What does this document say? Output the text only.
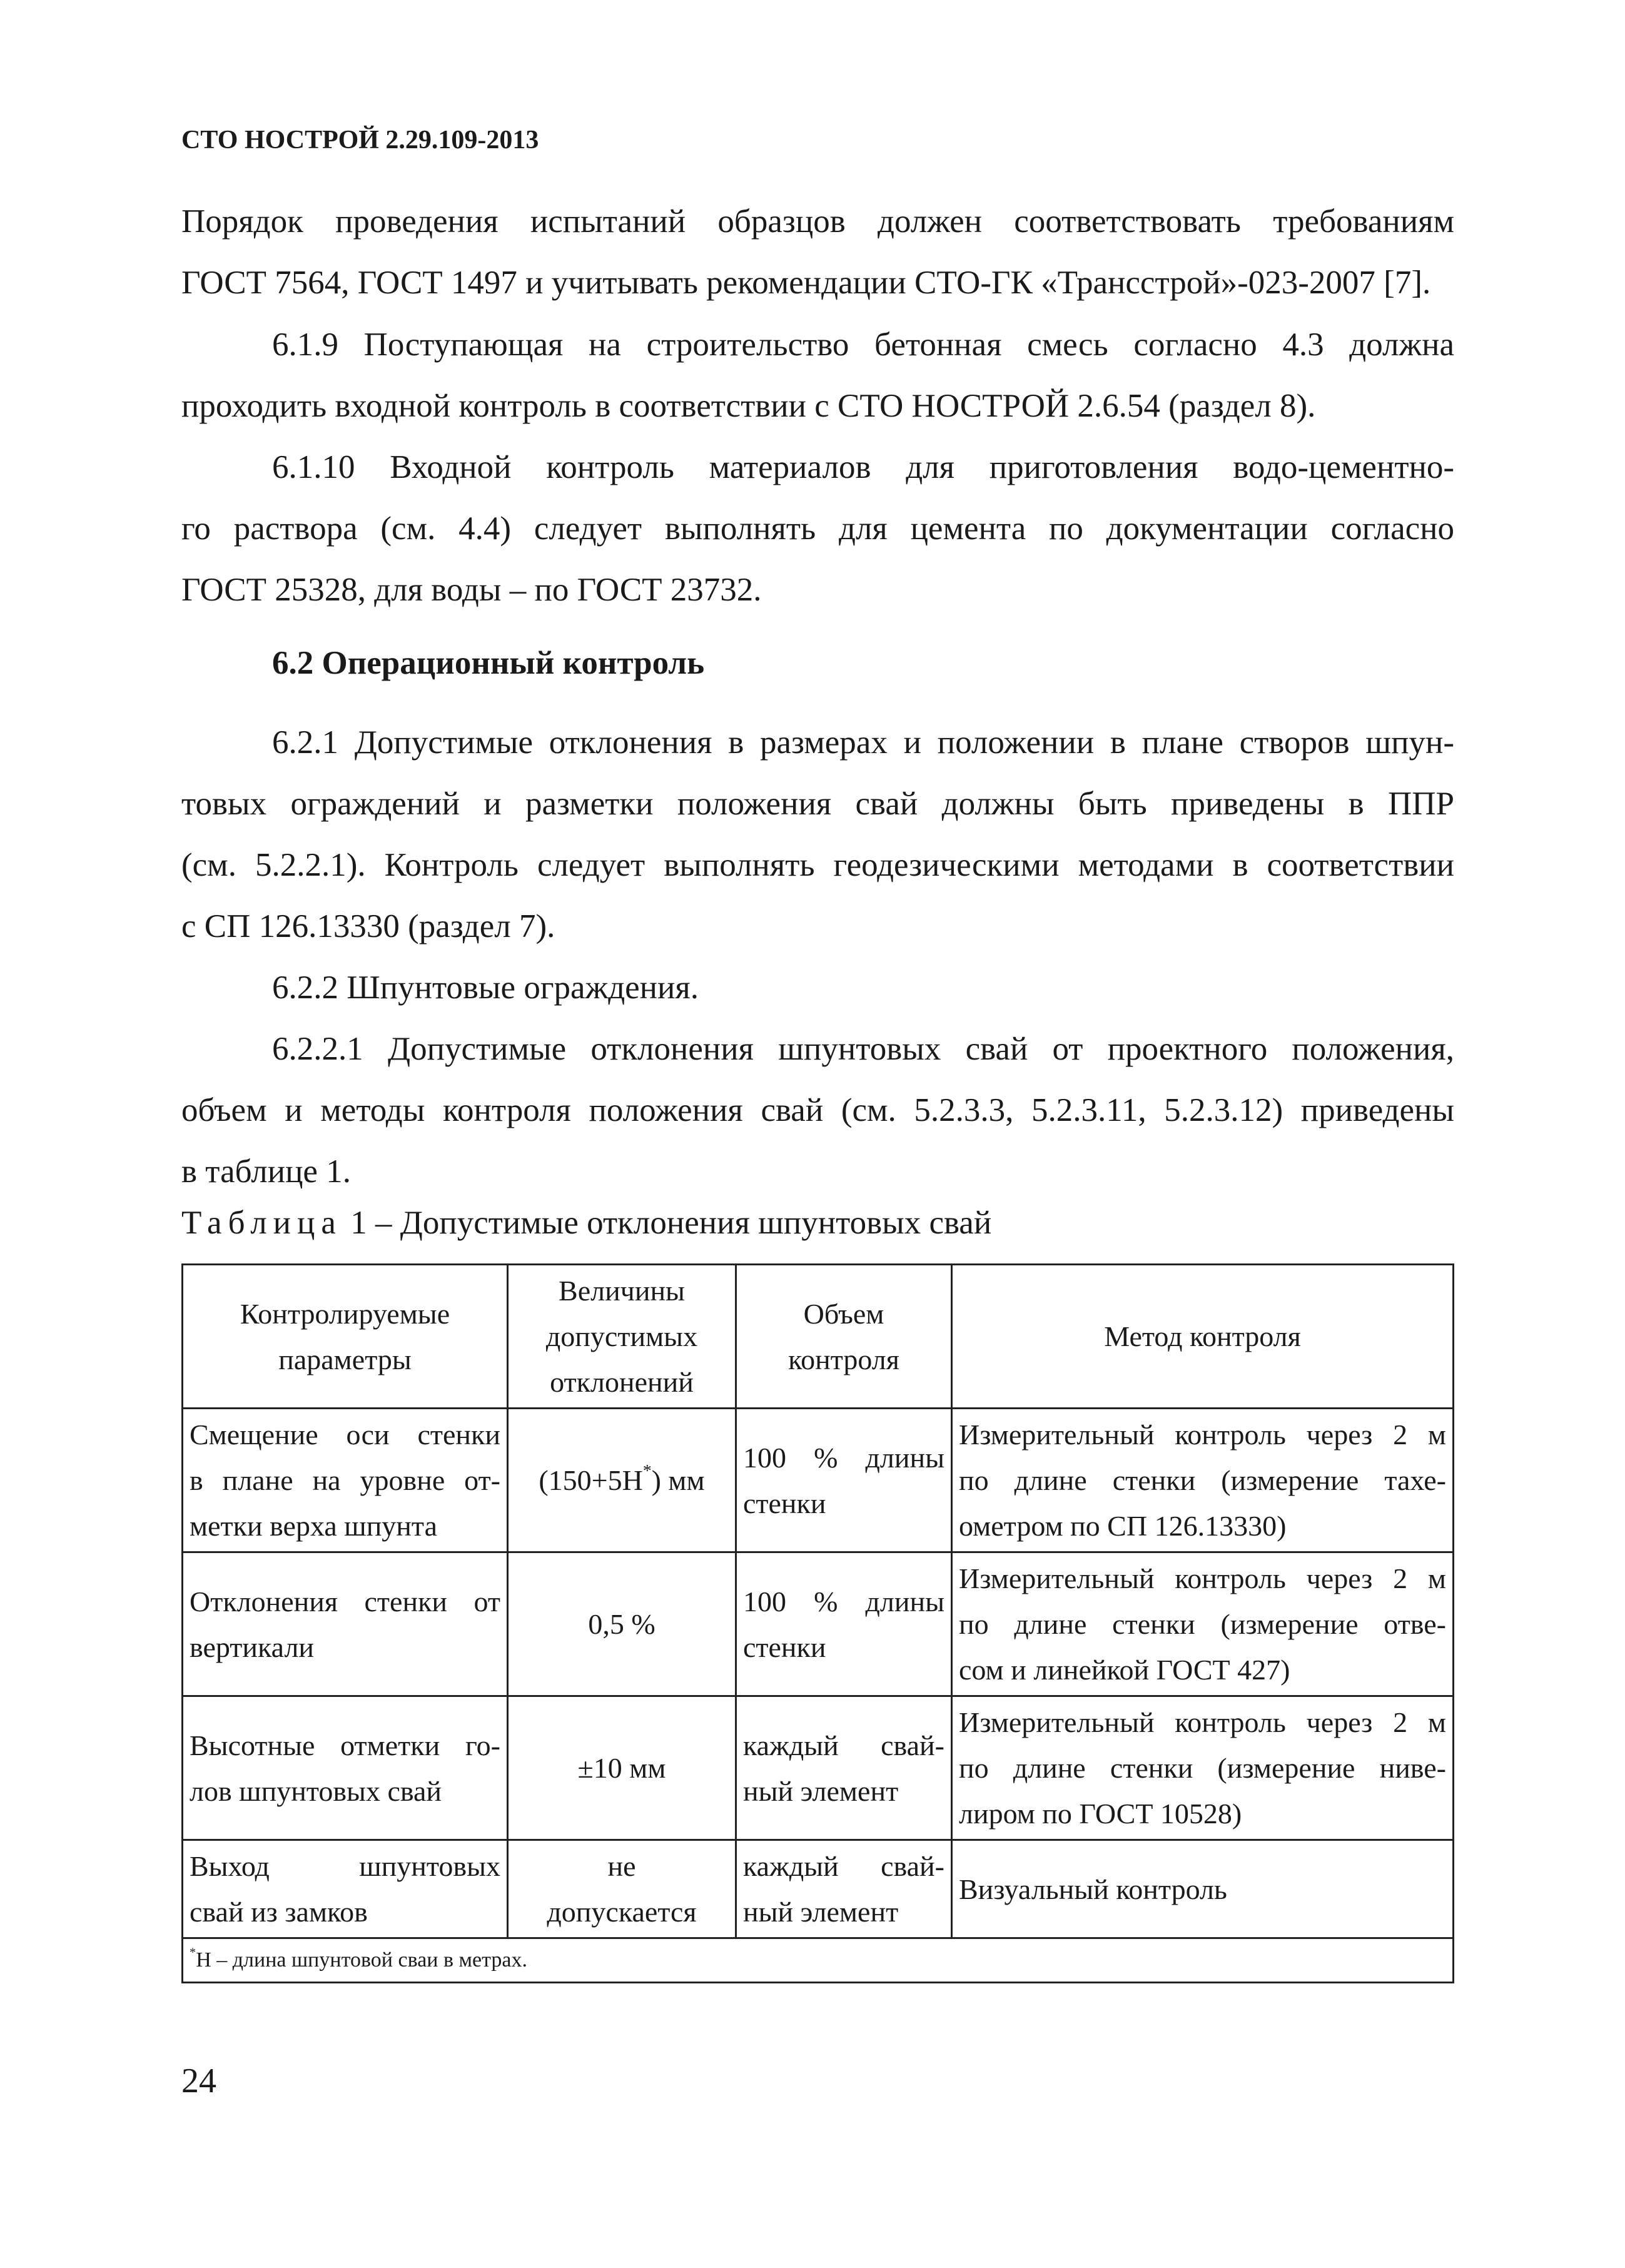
СТО НОСТРОЙ 2.29.109-2013
Порядок проведения испытаний образцов должен соответствовать требованиям
ГОСТ 7564, ГОСТ 1497 и учитывать рекомендации СТО-ГК «Трансстрой»-023-2007 [7].
6.1.9 Поступающая на строительство бетонная смесь согласно 4.3 должна
проходить входной контроль в соответствии с СТО НОСТРОЙ 2.6.54 (раздел 8).
6.1.10 Входной контроль материалов для приготовления водо-цементно-
го раствора (см. 4.4) следует выполнять для цемента по документации согласно
ГОСТ 25328, для воды – по ГОСТ 23732.
6.2 Операционный контроль
6.2.1 Допустимые отклонения в размерах и положении в плане створов шпун-
товых ограждений и разметки положения свай должны быть приведены в ППР
(см. 5.2.2.1). Контроль следует выполнять геодезическими методами в соответствии
с СП 126.13330 (раздел 7).
6.2.2 Шпунтовые ограждения.
6.2.2.1 Допустимые отклонения шпунтовых свай от проектного положения,
объем и методы контроля положения свай (см. 5.2.3.3, 5.2.3.11, 5.2.3.12) приведены
в таблице 1.
Таблица 1 – Допустимые отклонения шпунтовых свай
Контролируемые
параметры	Величины
допустимых
отклонений	Объем
контроля	Метод контроля

Смещение оси стенки
в плане на уровне от-
метки верха шпунта	(150+5Н*) мм	100 % длины
стенки	Измерительный контроль через 2 м
по длине стенки (измерение тахе-
ометром по СП 126.13330)

Отклонения стенки от
вертикали	0,5 %	100 % длины
стенки	Измерительный контроль через 2 м
по длине стенки (измерение отве-
сом и линейкой ГОСТ 427)

Высотные отметки го-
лов шпунтовых свай	±10 мм	каждый свай-
ный элемент	Измерительный контроль через 2 м
по длине стенки (измерение ниве-
лиром по ГОСТ 10528)

Выход шпунтовых
свай из замков	не
допускается	каждый свай-
ный элемент	Визуальный контроль

*Н – длина шпунтовой сваи в метрах.			
24
